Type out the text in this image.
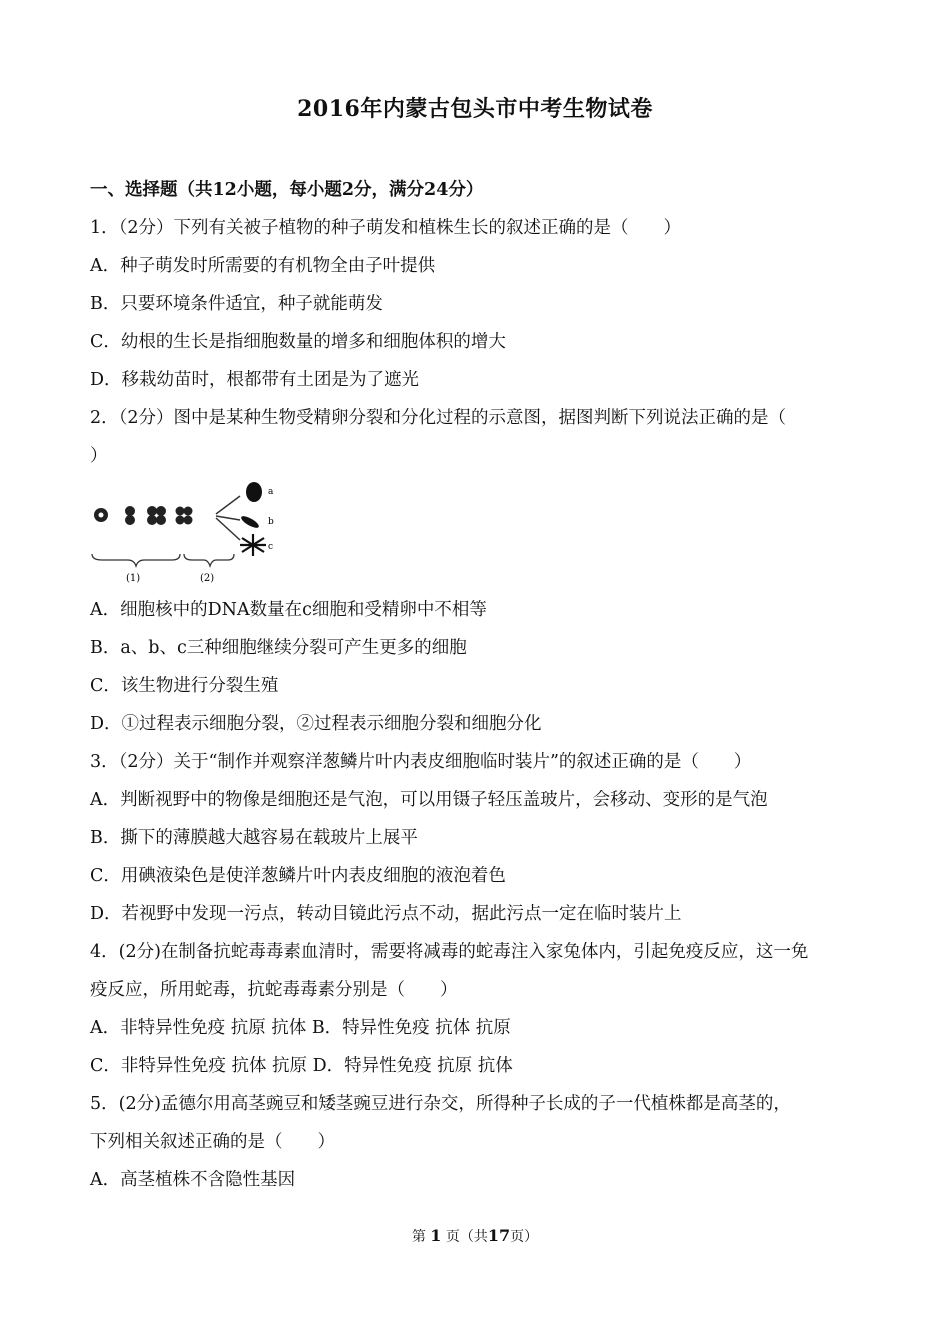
2016年内蒙古包头市中考生物试卷
一、选择题（共12小题，每小题2分，满分24分）
1．（2分）下列有关被子植物的种子萌发和植株生长的叙述正确的是（　　）
A．种子萌发时所需要的有机物全由子叶提供
B．只要环境条件适宜，种子就能萌发
C．幼根的生长是指细胞数量的增多和细胞体积的增大
D．移栽幼苗时，根都带有土团是为了遮光
2．（2分）图中是某种生物受精卵分裂和分化过程的示意图，据图判断下列说法正确的是（
）
a
b
c
(1)	(2)
A．细胞核中的DNA数量在c细胞和受精卵中不相等
B．a、b、c三种细胞继续分裂可产生更多的细胞
C．该生物进行分裂生殖
D．①过程表示细胞分裂，②过程表示细胞分裂和细胞分化
3．（2分）关于“制作并观察洋葱鳞片叶内表皮细胞临时装片”的叙述正确的是（　　）
A．判断视野中的物像是细胞还是气泡，可以用镊子轻压盖玻片，会移动、变形的是气泡
B．撕下的薄膜越大越容易在载玻片上展平
C．用碘液染色是使洋葱鳞片叶内表皮细胞的液泡着色
D．若视野中发现一污点，转动目镜此污点不动，据此污点一定在临时装片上
4．(2分)在制备抗蛇毒毒素血清时，需要将减毒的蛇毒注入家兔体内，引起免疫反应，这一免
疫反应，所用蛇毒，抗蛇毒毒素分别是（　　）
A．非特异性免疫 抗原 抗体 B．特异性免疫 抗体 抗原
C．非特异性免疫 抗体 抗原 D．特异性免疫 抗原 抗体
5．(2分)孟德尔用高茎豌豆和矮茎豌豆进行杂交，所得种子长成的子一代植株都是高茎的，
下列相关叙述正确的是（　　）
A．高茎植株不含隐性基因
第 1 页（共17页）
